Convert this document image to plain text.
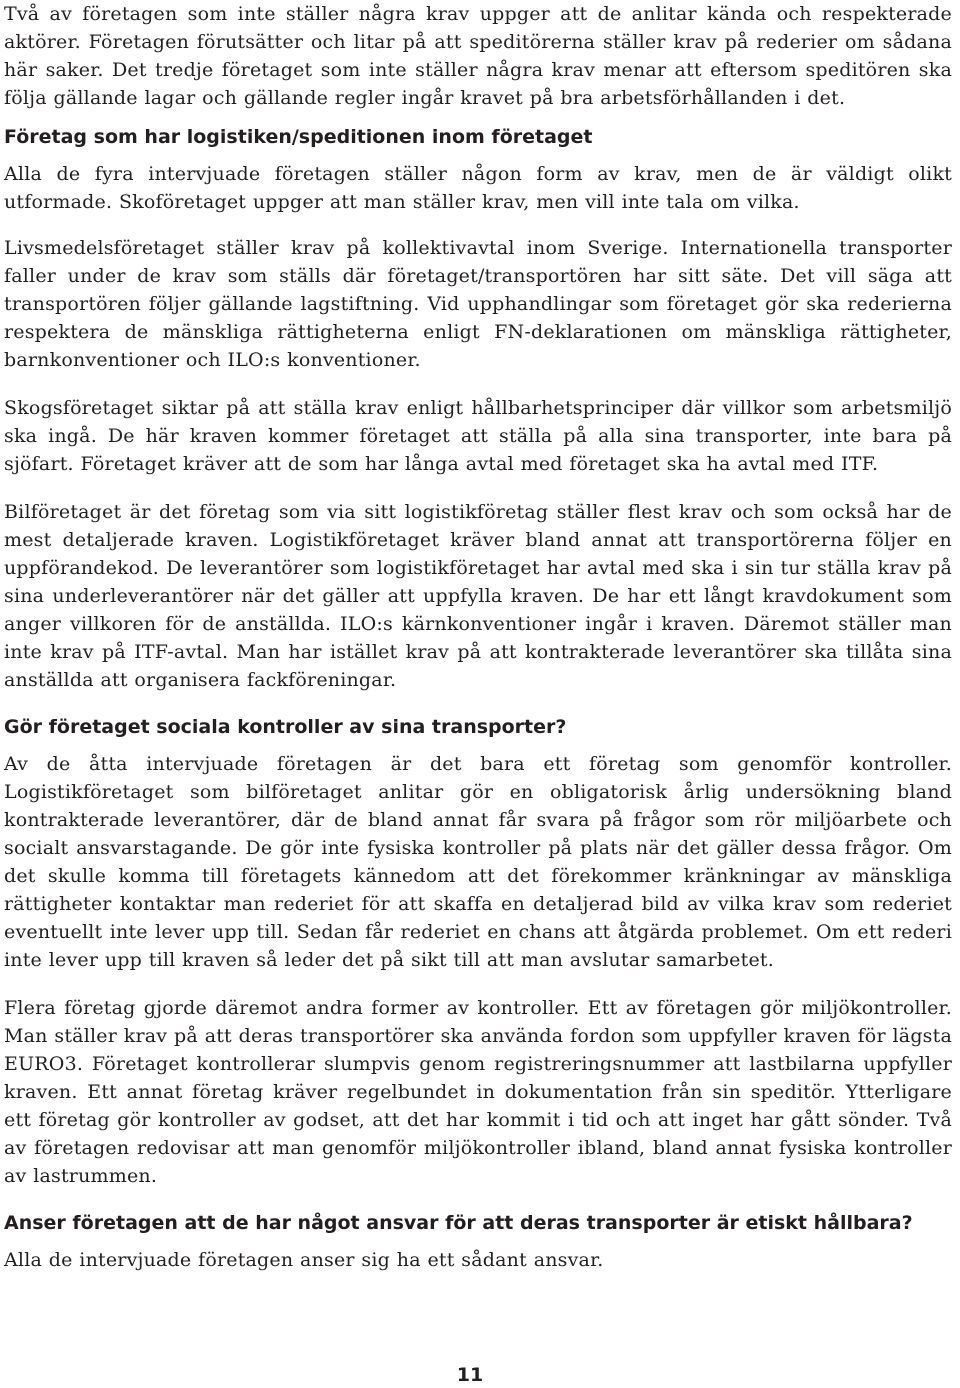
Två av företagen som inte ställer några krav uppger att de anlitar kända och respekterade aktörer. Företagen förutsätter och litar på att speditörerna ställer krav på rederier om sådana här saker. Det tredje företaget som inte ställer några krav menar att eftersom speditören ska följa gällande lagar och gällande regler ingår kravet på bra arbetsförhållanden i det.

Företag som har logistiken/speditionen inom företaget

Alla de fyra intervjuade företagen ställer någon form av krav, men de är väldigt olikt utformade. Skoföretaget uppger att man ställer krav, men vill inte tala om vilka.

Livsmedelsföretaget ställer krav på kollektivavtal inom Sverige. Internationella transporter faller under de krav som ställs där företaget/transportören har sitt säte. Det vill säga att transportören följer gällande lagstiftning. Vid upphandlingar som företaget gör ska rederierna respektera de mänskliga rättigheterna enligt FN-deklarationen om mänskliga rättigheter, barnkonventioner och ILO:s konventioner.

Skogsföretaget siktar på att ställa krav enligt hållbarhetsprinciper där villkor som arbetsmiljö ska ingå. De här kraven kommer företaget att ställa på alla sina transporter, inte bara på sjöfart. Företaget kräver att de som har långa avtal med företaget ska ha avtal med ITF.

Bilföretaget är det företag som via sitt logistikföretag ställer flest krav och som också har de mest detaljerade kraven. Logistikföretaget kräver bland annat att transportörerna följer en uppförandekod. De leverantörer som logistikföretaget har avtal med ska i sin tur ställa krav på sina underleverantörer när det gäller att uppfylla kraven. De har ett långt kravdokument som anger villkoren för de anställda. ILO:s kärnkonventioner ingår i kraven. Däremot ställer man inte krav på ITF-avtal. Man har istället krav på att kontrakterade leverantörer ska tillåta sina anställda att organisera fackföreningar.

Gör företaget sociala kontroller av sina transporter?

Av de åtta intervjuade företagen är det bara ett företag som genomför kontroller. Logistikföretaget som bilföretaget anlitar gör en obligatorisk årlig undersökning bland kontrakterade leverantörer, där de bland annat får svara på frågor som rör miljöarbete och socialt ansvarstagande. De gör inte fysiska kontroller på plats när det gäller dessa frågor. Om det skulle komma till företagets kännedom att det förekommer kränkningar av mänskliga rättigheter kontaktar man rederiet för att skaffa en detaljerad bild av vilka krav som rederiet eventuellt inte lever upp till. Sedan får rederiet en chans att åtgärda problemet. Om ett rederi inte lever upp till kraven så leder det på sikt till att man avslutar samarbetet.

Flera företag gjorde däremot andra former av kontroller. Ett av företagen gör miljökontroller. Man ställer krav på att deras transportörer ska använda fordon som uppfyller kraven för lägsta EURO3. Företaget kontrollerar slumpvis genom registreringsnummer att lastbilarna uppfyller kraven. Ett annat företag kräver regelbundet in dokumentation från sin speditör. Ytterligare ett företag gör kontroller av godset, att det har kommit i tid och att inget har gått sönder. Två av företagen redovisar att man genomför miljökontroller ibland, bland annat fysiska kontroller av lastrummen.

Anser företagen att de har något ansvar för att deras transporter är etiskt hållbara?

Alla de intervjuade företagen anser sig ha ett sådant ansvar.

11
